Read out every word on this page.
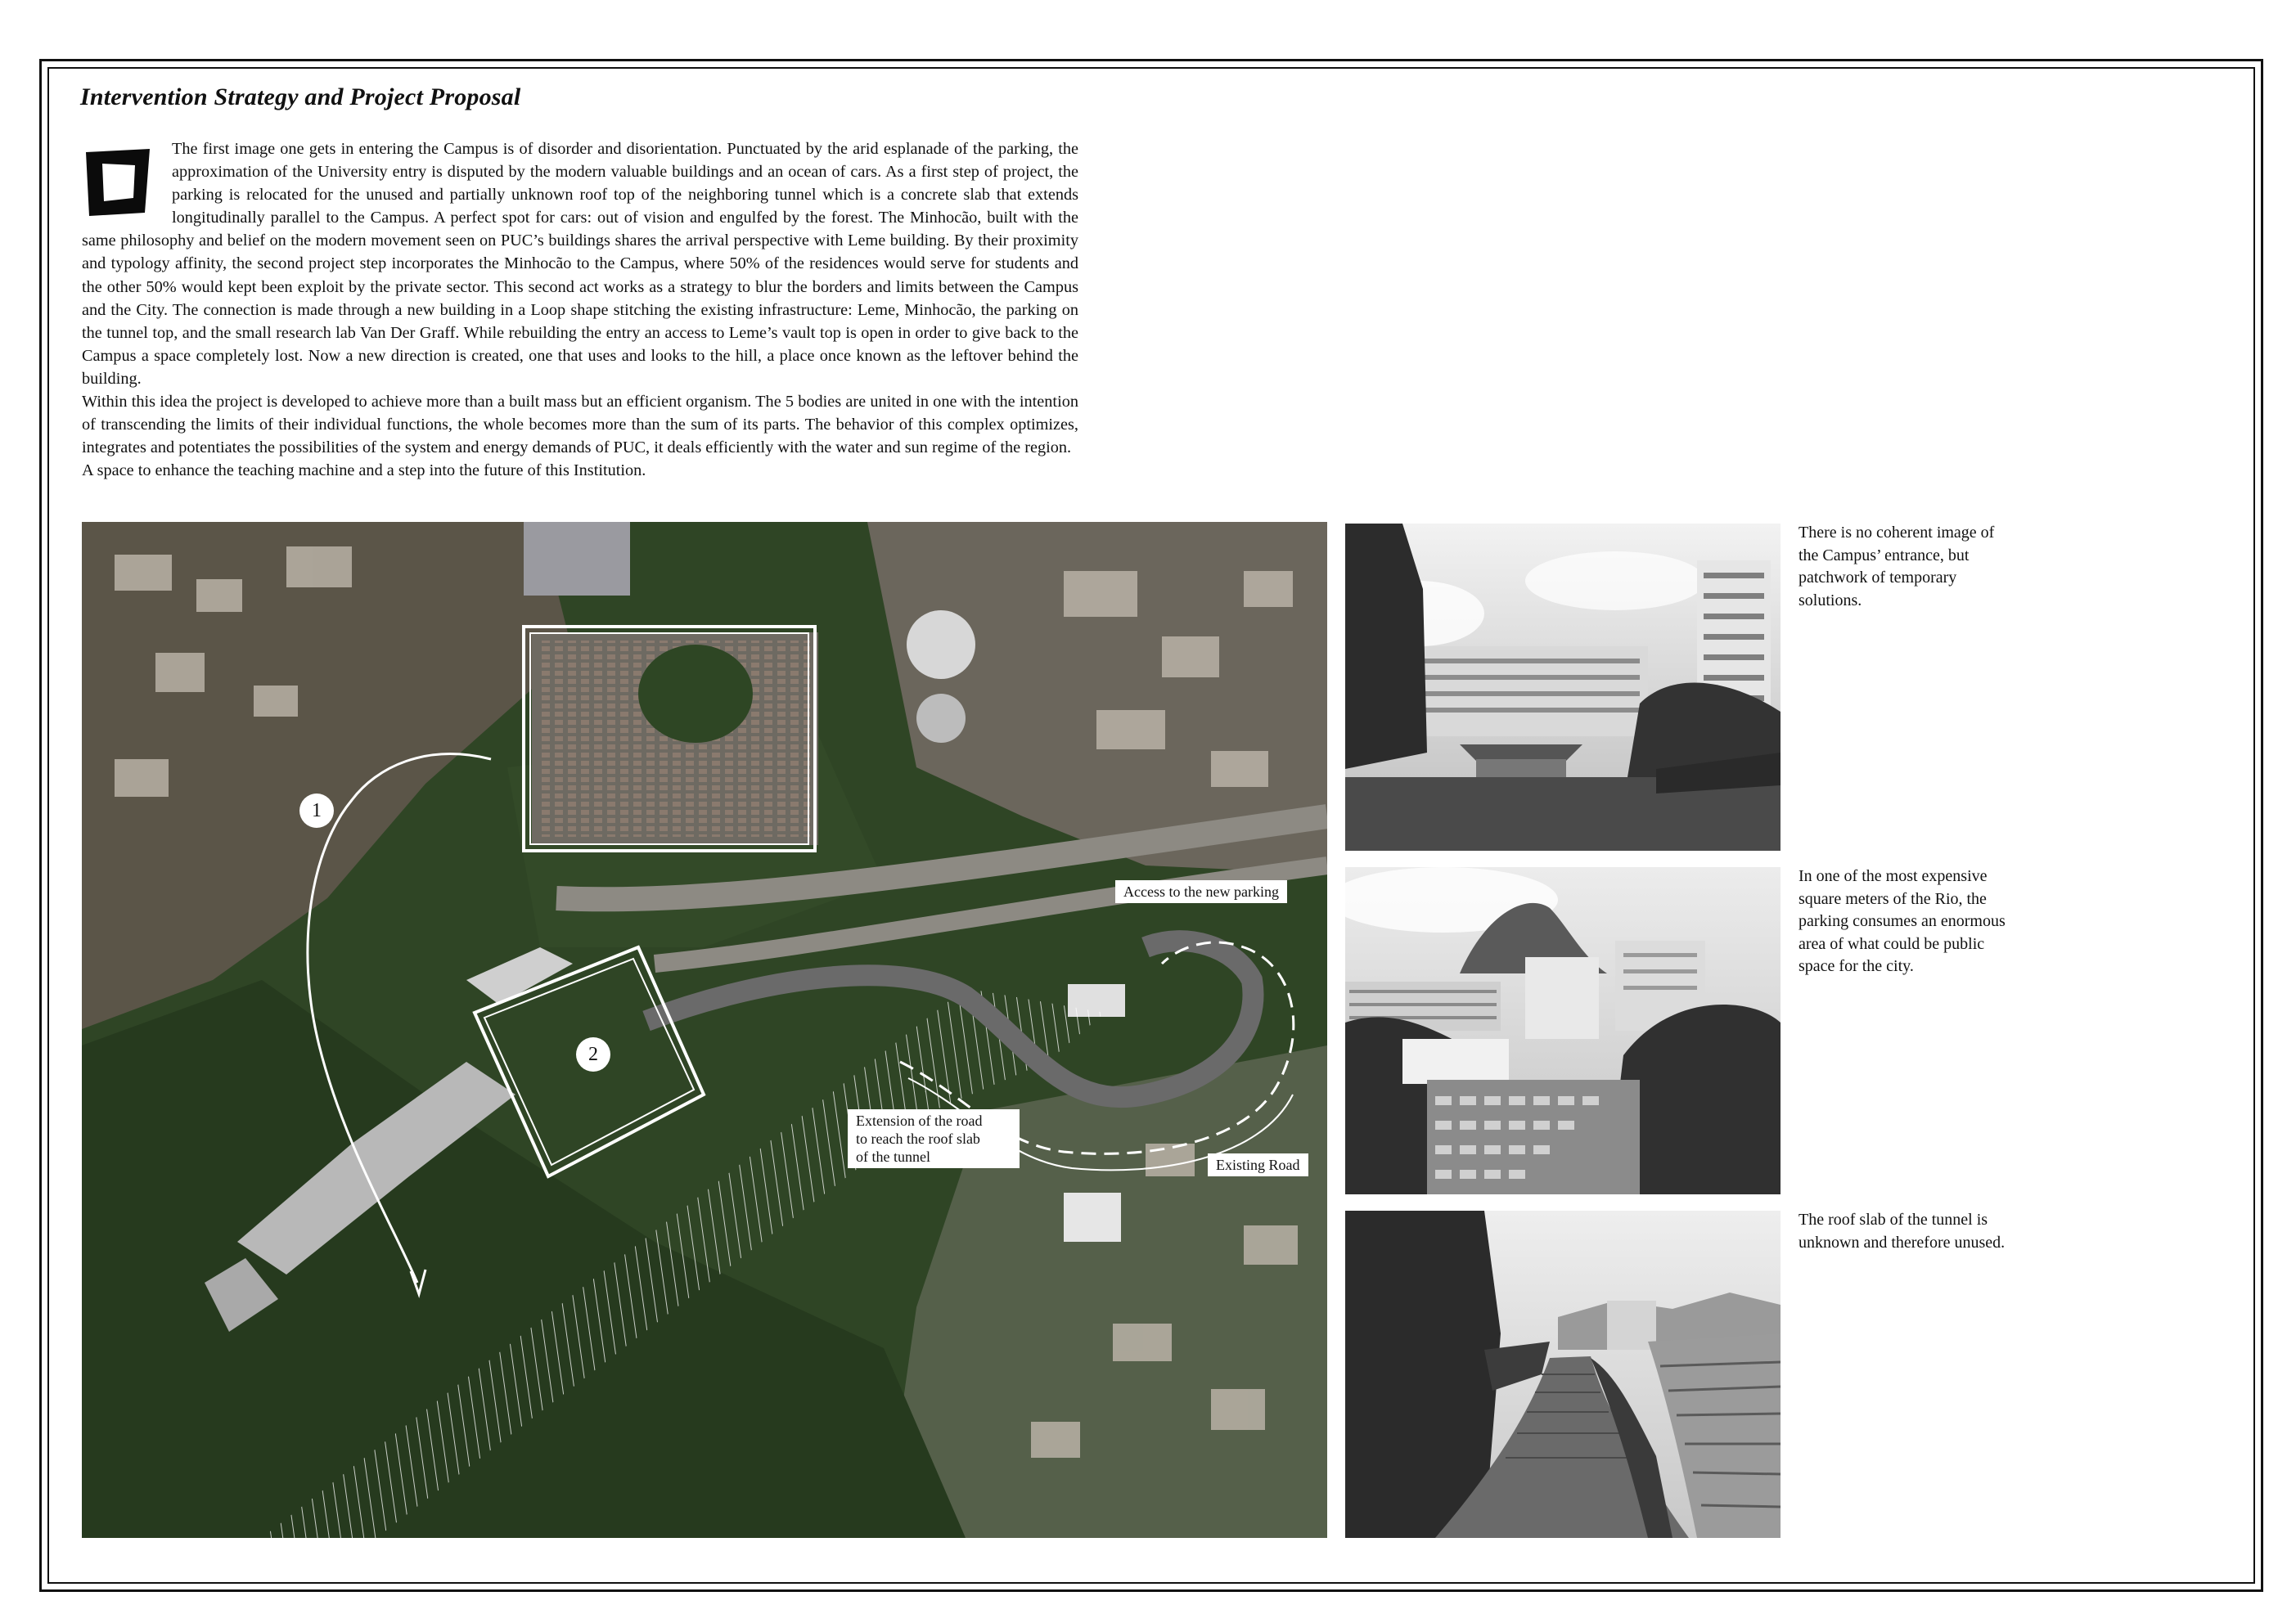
Intervention Strategy and Project Proposal

The first image one gets in entering the Campus is of disorder and disorientation. Punctuated by the arid esplanade of the parking, the approximation of the University entry is disputed by the modern valuable buildings and an ocean of cars. As a first step of project, the parking is relocated for the unused and partially unknown roof top of the neighboring tunnel which is a concrete slab that extends longitudinally parallel to the Campus. A perfect spot for cars: out of vision and engulfed by the forest. The Minhocão, built with the same philosophy and belief on the modern movement seen on PUC’s buildings shares the arrival perspective with Leme building. By their proximity and typology affinity, the second project step incorporates the Minhocão to the Campus, where 50% of the residences would serve for students and the other 50% would kept been exploit by the private sector. This second act works as a strategy to blur the borders and limits between the Campus and the City. The connection is made through a new building in a Loop shape stitching the existing infrastructure: Leme, Minhocão, the parking on the tunnel top, and the small research lab Van Der Graff. While rebuilding the entry an access to Leme’s vault top is open in order to give back to the Campus a space completely lost. Now a new direction is created, one that uses and looks to the hill, a place once known as the leftover behind the building.

Within this idea the project is developed to achieve more than a built mass but an efficient organism. The 5 bodies are united in one with the intention of transcending the limits of their individual functions, the whole becomes more than the sum of its parts. The behavior of this complex optimizes, integrates and potentiates the possibilities of the system and energy demands of PUC, it deals efficiently with the water and sun regime of the region.

A space to enhance the teaching machine and a step into the future of this Institution.

1
2
Access to the new parking
Extension of the road
to reach the roof slab
of the tunnel	Existing Road
There is no coherent image of the Campus’ entrance, but patchwork of temporary solutions.
In one of the most expensive square meters of the Rio, the parking consumes an enormous area of what could be public space for the city.
The roof slab of the tunnel is unknown and therefore unused.
